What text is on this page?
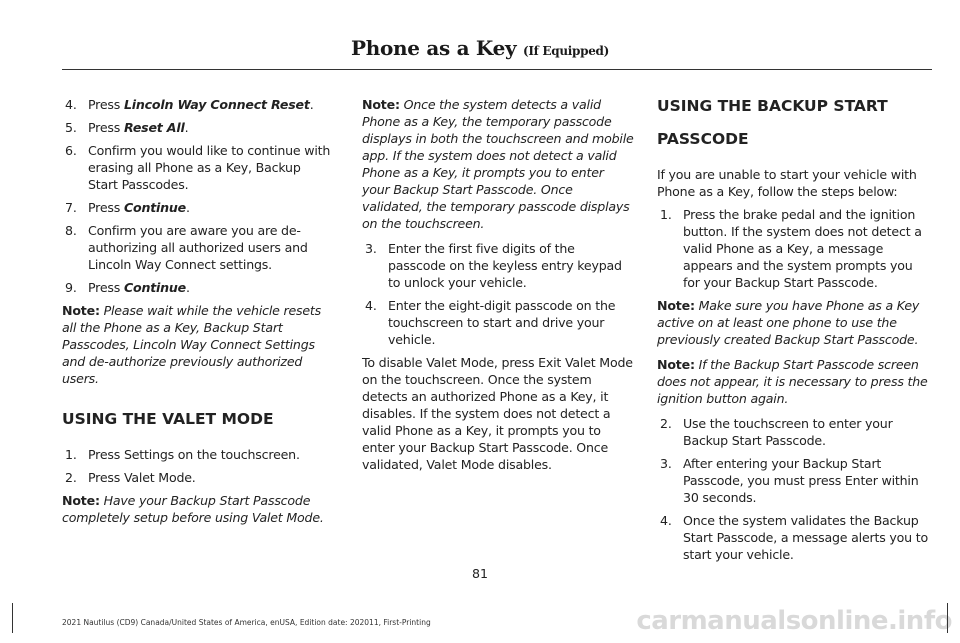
Phone as a Key (If Equipped)
4. Press Lincoln Way Connect Reset.
5. Press Reset All.
6. Confirm you would like to continue with erasing all Phone as a Key, Backup Start Passcodes.
7. Press Continue.
8. Confirm you are aware you are de-authorizing all authorized users and Lincoln Way Connect settings.
9. Press Continue.
Note: Please wait while the vehicle resets all the Phone as a Key, Backup Start Passcodes, Lincoln Way Connect Settings and de-authorize previously authorized users.
USING THE VALET MODE
1. Press Settings on the touchscreen.
2. Press Valet Mode.
Note: Have your Backup Start Passcode completely setup before using Valet Mode.
Note: Once the system detects a valid Phone as a Key, the temporary passcode displays in both the touchscreen and mobile app. If the system does not detect a valid Phone as a Key, it prompts you to enter your Backup Start Passcode. Once validated, the temporary passcode displays on the touchscreen.
3. Enter the first five digits of the passcode on the keyless entry keypad to unlock your vehicle.
4. Enter the eight-digit passcode on the touchscreen to start and drive your vehicle.
To disable Valet Mode, press Exit Valet Mode on the touchscreen. Once the system detects an authorized Phone as a Key, it disables. If the system does not detect a valid Phone as a Key, it prompts you to enter your Backup Start Passcode. Once validated, Valet Mode disables.
USING THE BACKUP START
PASSCODE
If you are unable to start your vehicle with Phone as a Key, follow the steps below:
1. Press the brake pedal and the ignition button. If the system does not detect a valid Phone as a Key, a message appears and the system prompts you for your Backup Start Passcode.
Note: Make sure you have Phone as a Key active on at least one phone to use the previously created Backup Start Passcode.
Note: If the Backup Start Passcode screen does not appear, it is necessary to press the ignition button again.
2. Use the touchscreen to enter your Backup Start Passcode.
3. After entering your Backup Start Passcode, you must press Enter within 30 seconds.
4. Once the system validates the Backup Start Passcode, a message alerts you to start your vehicle.
81
2021 Nautilus (CD9) Canada/United States of America, enUSA, Edition date: 202011, First-Printing	carmanualsonline.info
